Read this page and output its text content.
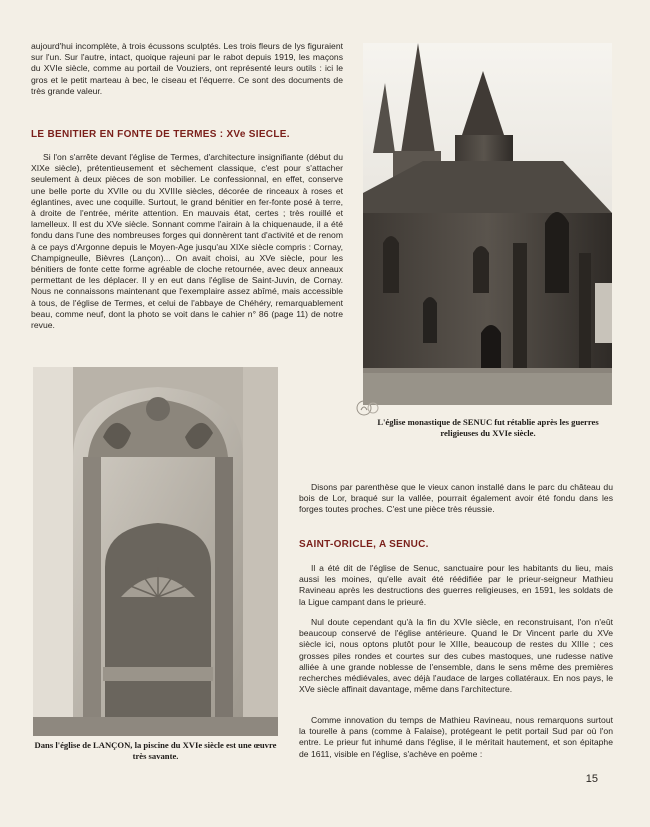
aujourd'hui incomplète, à trois écussons sculptés. Les trois fleurs de lys figuraient sur l'un. Sur l'autre, intact, quoique rajeuni par le rabot depuis 1919, les maçons du XVIe siècle, comme au portail de Vouziers, ont représenté leurs outils : ici le gros et le petit marteau à bec, le ciseau et l'équerre. Ce sont des documents de très grande valeur.

LE BENITIER EN FONTE DE TERMES : XVe SIECLE.

Si l'on s'arrête devant l'église de Termes, d'architecture insignifiante (début du XIXe siècle), prétentieusement et sèchement classique, c'est pour s'attacher seulement à deux pièces de son mobilier. Le confessionnal, en effet, conserve une belle porte du XVIIe ou du XVIIIe siècles, décorée de rinceaux à roses et églantines, avec une coquille. Surtout, le grand bénitier en fer-fonte posé à terre, à droite de l'entrée, mérite attention. En mauvais état, certes ; très rouillé et lamelleux. Il est du XVe siècle. Sonnant comme l'airain à la chiquenaude, il a été fondu dans l'une des nombreuses forges qui donnèrent tant d'activité et de renom à ce pays d'Argonne depuis le Moyen-Age jusqu'au XIXe siècle compris : Cornay, Champigneulle, Bièvres (Lançon)... On avait choisi, au XVe siècle, pour les bénitiers de fonte cette forme agréable de cloche retournée, avec deux anneaux permettant de les déplacer. Il y en eut dans l'église de Saint-Juvin, de Cornay. Nous ne connaissons maintenant que l'exemplaire assez abîmé, mais accessible à tous, de l'église de Termes, et celui de l'abbaye de Chéhéry, remarquablement beau, comme neuf, dont la photo se voit dans le cahier n° 86 (page 11) de notre revue.

L'église monastique de SENUC fut rétablie après les guerres religieuses du XVIe siècle.

Dans l'église de LANÇON, la piscine du XVIe siècle est une œuvre très savante.

Disons par parenthèse que le vieux canon installé dans le parc du château du bois de Lor, braqué sur la vallée, pourrait également avoir été fondu dans les forges toutes proches. C'est une pièce très réussie.

SAINT-ORICLE, A SENUC.

Il a été dit de l'église de Senuc, sanctuaire pour les habitants du lieu, mais aussi les moines, qu'elle avait été réédifiée par le prieur-seigneur Mathieu Ravineau après les destructions des guerres religieuses, en 1591, les soldats de la Ligue campant dans le prieuré.

Nul doute cependant qu'à la fin du XVIe siècle, en reconstruisant, l'on n'eût beaucoup conservé de l'église antérieure. Quand le Dr Vincent parle du XVe siècle ici, nous optons plutôt pour le XIIIe, beaucoup de restes du XIIIe ; ces grosses piles rondes et courtes sur des cubes mastoques, une rudesse native alliée à une grande noblesse de l'ensemble, dans le sens même des premières recherches médiévales, avec déjà l'audace de larges collatéraux. En nos pays, le XVe siècle affinait davantage, même dans l'architecture.

Comme innovation du temps de Mathieu Ravineau, nous remarquons surtout la tourelle à pans (comme à Falaise), protégeant le petit portail Sud par où l'on entre. Le prieur fut inhumé dans l'église, il le méritait hautement, et son épitaphe de 1611, visible en l'église, s'achève en poème :

15
